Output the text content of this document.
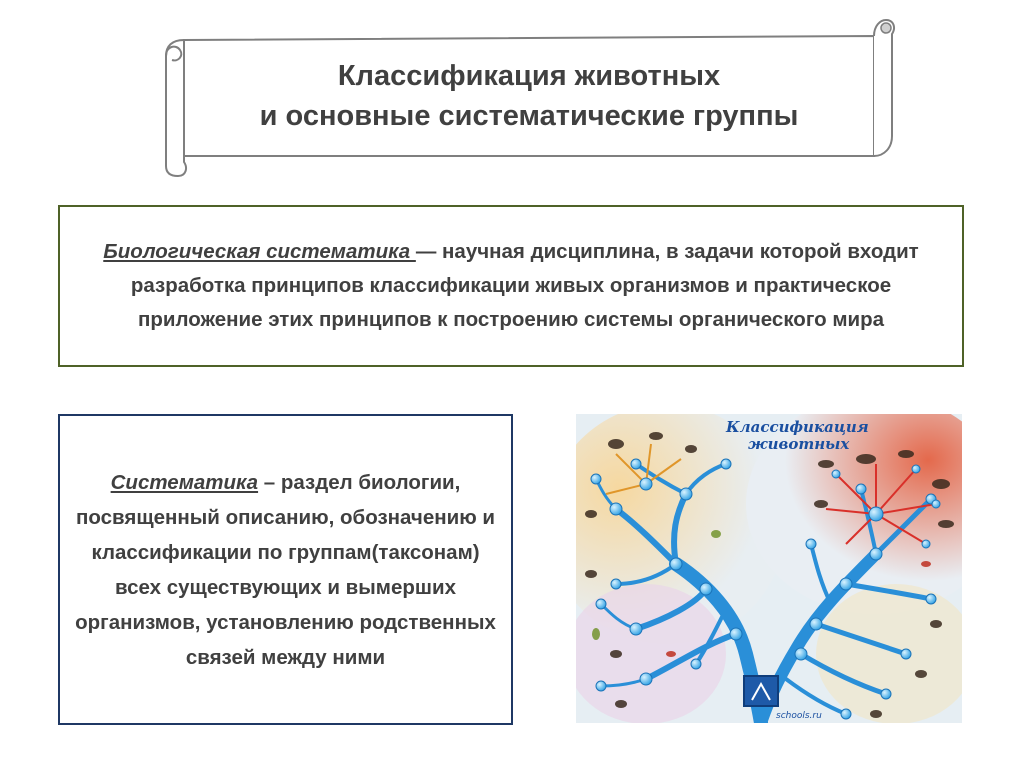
Классификация животных
и основные систематические группы
Биологическая систематика — научная дисциплина, в задачи которой входит разработка принципов классификации живых организмов и практическое приложение этих принципов к построению системы органического мира
Систематика – раздел биологии, посвященный описанию, обозначению и классификации по группам(таксонам) всех существующих и вымерших организмов, установлению родственных связей между ними
Классификация
животных
schools.ru
